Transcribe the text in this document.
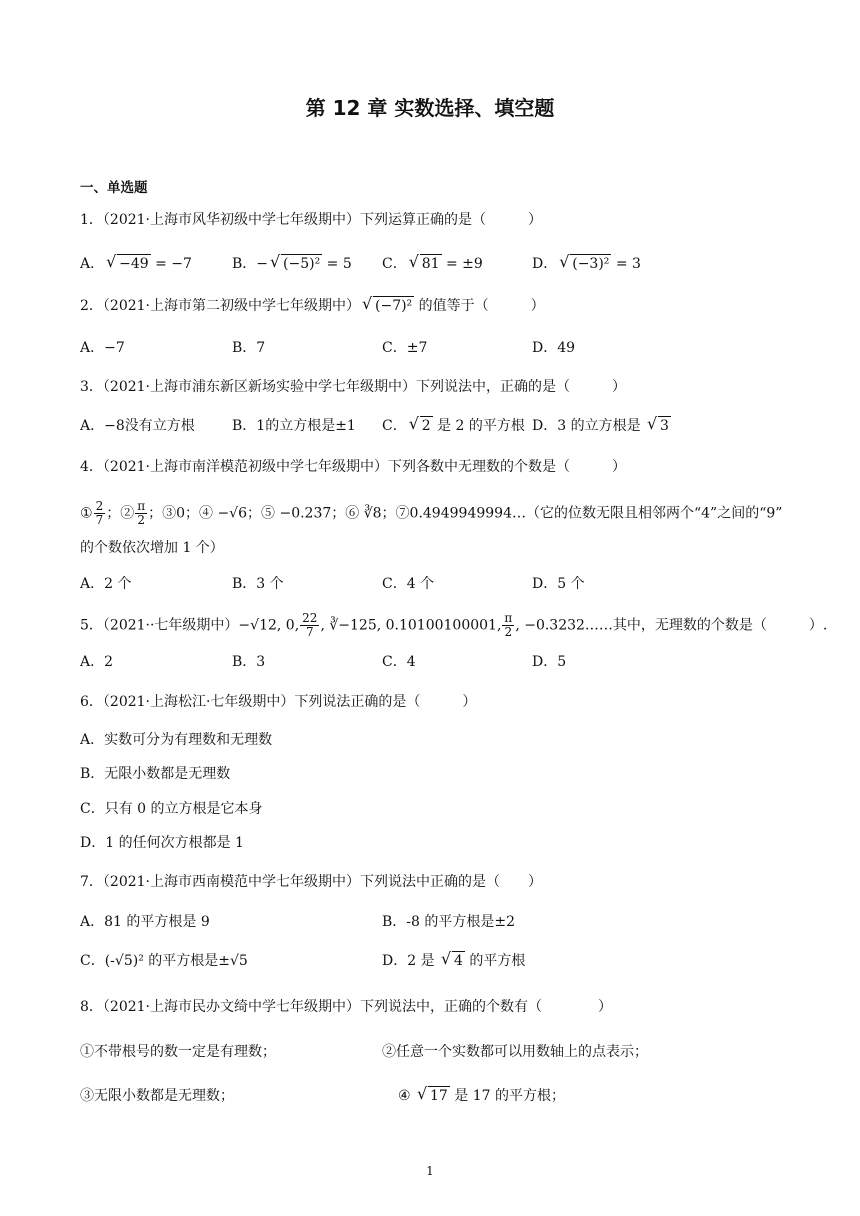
第 12 章 实数选择、填空题
一、单选题
1．（2021·上海市风华初级中学七年级期中）下列运算正确的是（　　　）
A． √ −49 = −7	B．− √ (−5)² = 5 C． √ 81 = ±9	D． √ (−3)² = 3
2．（2021·上海市第二初级中学七年级期中） √ (−7)² 的值等于（　　　）
A．−7	B．7	C．±7	D．49
3．（2021·上海市浦东新区新场实验中学七年级期中）下列说法中，正确的是（　　　）
A．−8没有立方根	B．1的立方根是±1 C． √ 2 是 2 的平方根 D．3 的立方根是 √ 3
4．（2021·上海市南洋模范初级中学七年级期中）下列各数中无理数的个数是（　　　）
① $\frac{2}{7}$ ；② $\frac{\pi}{2}$ ；③0；④ −√6；⑤ −0.23̇7̇；⑥ ∛8；⑦0.4949949994…（它的位数无限且相邻两个“4”之间的“9”
的个数依次增加 1 个）
A．2 个	B．3 个	C．4 个	D．5 个
5．（2021··七年级期中）−√12, 0, $\frac{22}{7}$ , ∛−125, 0.10100100001, $\frac{\pi}{2}$ , −0.3232……其中，无理数的个数是（　　　）.
A．2	B．3	C．4	D．5
6．（2021·上海松江·七年级期中）下列说法正确的是（　　　）
A．实数可分为有理数和无理数
B．无限小数都是无理数
C．只有 0 的立方根是它本身
D．1 的任何次方根都是 1
7．（2021·上海市西南模范中学七年级期中）下列说法中正确的是（　　）
A．81 的平方根是 9	B．-8 的平方根是±2
C．(-√5)² 的平方根是±√5	D．2 是 √ 4 的平方根
8．（2021·上海市民办文绮中学七年级期中）下列说法中，正确的个数有（　　　　）
①不带根号的数一定是有理数；	②任意一个实数都可以用数轴上的点表示；
③无限小数都是无理数；	④ √ 17 是 17 的平方根；
1
